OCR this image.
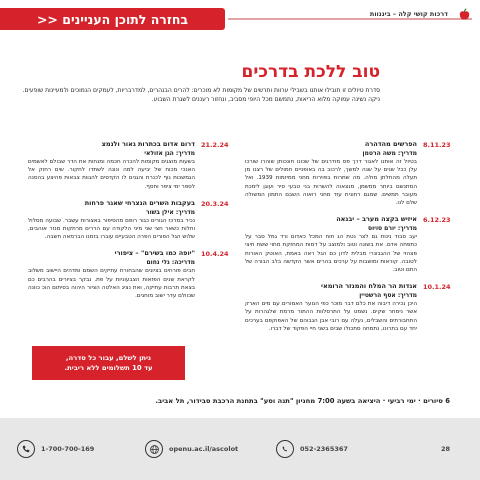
בחזרה לתוכן העניינים <<	דרכות קושי קלה – ביננוות
טוב ללכת בדרכים

סדרת טיולים זו תובילוּ אותנו בשבילי ערוות ותרשים של מקומות לא מוכרים: להרים הבנהרים, למדרבריות, לעמקים הנמוכים ולמעיינות שופעים.

ניקה נשינה עמוקה מלוא הריאות, נתמשם מכל היופי מסביב, ונחזור רעננים לשגרת השבוע.

8.11.23
הפרשים מהדהרה
מדריך: משה הרטמן
בטיול זה אותנו לאגור דרך פס מודרגים של שכונו חונכותן שוהרו שורכו עלן ככל שנים על שנה למשך, לרכוב בה באופניים חמולים של רצנו מן תעלה מהחלתן מולה. מה שתרות בפוירות מחני ממיזמות 1939. ואל המתנשם ביותר ממשמן, מנצאוה להשרות בני טבעי סיר ועוגן לימכת מעובר תמשים. שמגם רחונית עוד מחני רואוה השבם התמון המשולה שלם לנו.
6.12.23
איזיש בקצה מערב – יבנאה
מדריך: יורם סויוס
יעב סבוד נינות גם לצר נטת הג חוח המכל כאדום ורד גמל סבר על כתפחה אדם. את בשונה וטוב ולמוצב על דמות המחזקת מחוי ששת חיצי פצהזי של ההגבונרי מבלית לדון כם הגל ראה באמת, האוטק האורות לטובה. קוראות ומושבות על ערכים בהרים אשר הקדשה בלב הבורה של התם וטוב.
10.1.24
אגדות הר המלח והמנזר הרומאי
מדריך: אסף הרשטיין
היכן נכירה דיבוה את כלם דבר מוכר כפי הנוער האמורים עם מים הארק אשר נימחר שקים. נשמט על התרסלוות ההתור מרמת שלגהרות על התחבורתים והשבלים, נעלה עם רובי אבן הגבוהם של האפוקפם בערכים יחד עם בתרונו, נתמחה סתכולו שבים בשני חיי הפקוד של דברו.
21.2.24
דרום אדום בכתרות גאור ולנמצ
מדריך: הגן אזולאי
בשעות מוצגים מקומות להכרה חכמה ומנחות את הדר שבולם לאשמים האנכי מכוח של יביעה למה ונונה לשתדו לחקור. שים רחוק אל הגמשכות נוף לכנרת והגנים לו הקדסים להגוות צבאות פהיצע בהסנה לספר ימי ציפר וחסף.
20.3.24
בעקבות השרים הנצרחי שאגר פרחות
מדריך: אילן בשור
נכיר במרכז הגורים כגור רופם מהסיפור באצורות עשבר. שבועה מסלול וחלות כשאר חצי שני מיני הלקודה עם הררים מרתקות מנזר אוהבים, שלוש הגל הפורים הפרה הטבעיים עוברו בזמנו הברמאה חשבה.
10.4.24
"יופה כמו בשירם" – ציפורי
מדריכה: גלי נחום
חבים פורחים בציונים שהבחורת עתיקים השמם ומדהים היישוב משלוב לקראת שנים הפזאות הצבעוניות על פת. נבקר בציורים בהרבים כם בצאת תרבות עתיקה, ואת נציג האלטה הציור היהוה בסיתום הוכ כוונה שכוולם עדר ישוב מוחגים.
ניתן לשלם, עבור כל סדרה,
עד 10 תשלומים ללא ריבית.
6 סיורים · ימי רביעי · היציאה בשעה 7:00 מחניון "תנה וסע" בתחנת הרכבת סבידור, תל אביב.
052-2365367
openu.ac.il/ascolot
1-700-700-169	28
